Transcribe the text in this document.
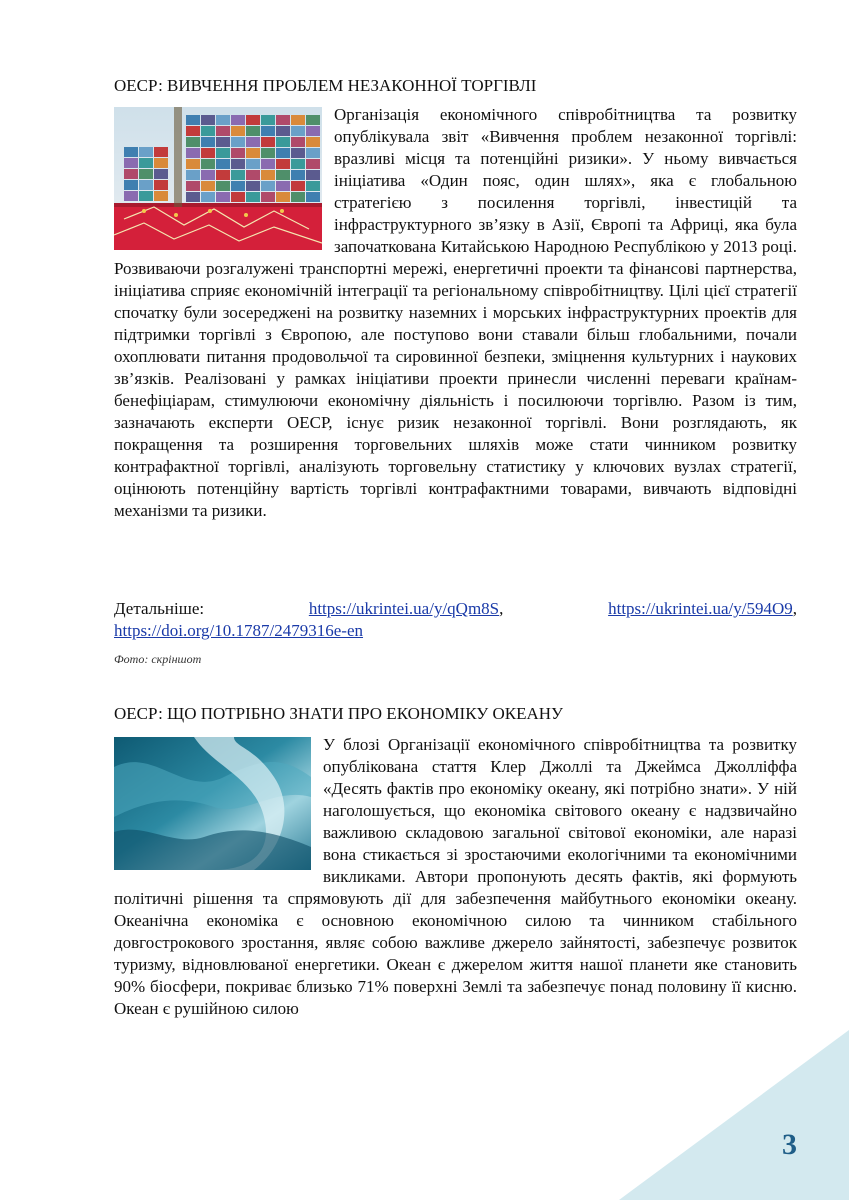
ОЕСР: ВИВЧЕННЯ ПРОБЛЕМ НЕЗАКОННОЇ ТОРГІВЛІ
Організація економічного співробітництва та розвитку опублікувала звіт «Вивчення проблем незаконної торгівлі: вразливі місця та потенційні ризики». У ньому вивчається ініціатива «Один пояс, один шлях», яка є глобальною стратегією з посилення торгівлі, інвестицій та інфраструктурного зв’язку в Азії, Європі та Африці, яка була започаткована Китайською Народною Республікою у 2013 році. Розвиваючи розгалужені транспортні мережі, енергетичні проекти та фінансові партнерства, ініціатива сприяє економічній інтеграції та регіональному співробітництву. Цілі цієї стратегії спочатку були зосереджені на розвитку наземних і морських інфраструктурних проектів для підтримки торгівлі з Європою, але поступово вони ставали більш глобальними, почали охоплювати питання продовольчої та сировинної безпеки, зміцнення культурних і наукових зв’язків. Реалізовані у рамках ініціативи проекти принесли численні переваги країнам-бенефіціарам, стимулюючи економічну діяльність і посилюючи торгівлю. Разом із тим, зазначають експерти ОЕСР, існує ризик незаконної торгівлі. Вони розглядають, як покращення та розширення торговельних шляхів може стати чинником розвитку контрафактної торгівлі, аналізують торговельну статистику у ключових вузлах стратегії, оцінюють потенційну вартість торгівлі контрафактними товарами, вивчають відповідні механізми та ризики.
Детальніше:	https://ukrintei.ua/y/qQm8S,	https://ukrintei.ua/y/594O9,
https://doi.org/10.1787/2479316e-en

Фото: скріншот

ОЕСР: ЩО ПОТРІБНО ЗНАТИ ПРО ЕКОНОМІКУ ОКЕАНУ
У блозі Організації економічного співробітництва та розвитку опублікована стаття Клер Джоллі та Джеймса Джолліффа «Десять фактів про економіку океану, які потрібно знати». У ній наголошується, що економіка світового океану є надзвичайно важливою складовою загальної світової економіки, але наразі вона стикається зі зростаючими екологічними та економічними викликами. Автори пропонують десять фактів, які формують політичні рішення та спрямовують дії для забезпечення майбутнього економіки океану. Океанічна економіка є основною економічною силою та чинником стабільного довгострокового зростання, являє собою важливе джерело зайнятості, забезпечує розвиток туризму, відновлюваної енергетики. Океан є джерелом життя нашої планети яке становить 90% біосфери, покриває близько 71% поверхні Землі та забезпечує понад половину її кисню. Океан є рушійною силою
3
